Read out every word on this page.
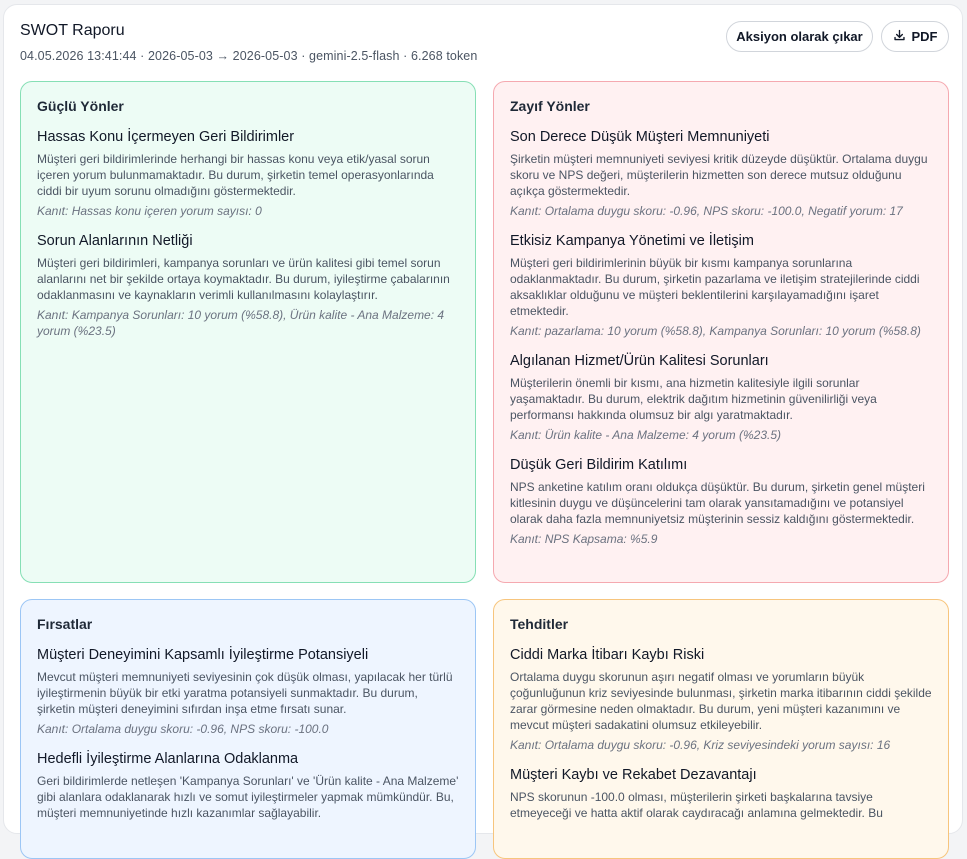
SWOT Raporu
04.05.2026 13:41:44 · 2026-05-03 → 2026-05-03 · gemini-2.5-flash · 6.268 token
Aksiyon olarak çıkar	PDF
Güçlü Yönler
Hassas Konu İçermeyen Geri Bildirimler
Müşteri geri bildirimlerinde herhangi bir hassas konu veya etik/yasal sorun içeren yorum bulunmamaktadır. Bu durum, şirketin temel operasyonlarında ciddi bir uyum sorunu olmadığını göstermektedir.
Kanıt: Hassas konu içeren yorum sayısı: 0
Sorun Alanlarının Netliği
Müşteri geri bildirimleri, kampanya sorunları ve ürün kalitesi gibi temel sorun alanlarını net bir şekilde ortaya koymaktadır. Bu durum, iyileştirme çabalarının odaklanmasını ve kaynakların verimli kullanılmasını kolaylaştırır.
Kanıt: Kampanya Sorunları: 10 yorum (%58.8), Ürün kalite - Ana Malzeme: 4 yorum (%23.5)
Zayıf Yönler
Son Derece Düşük Müşteri Memnuniyeti
Şirketin müşteri memnuniyeti seviyesi kritik düzeyde düşüktür. Ortalama duygu skoru ve NPS değeri, müşterilerin hizmetten son derece mutsuz olduğunu açıkça göstermektedir.
Kanıt: Ortalama duygu skoru: -0.96, NPS skoru: -100.0, Negatif yorum: 17
Etkisiz Kampanya Yönetimi ve İletişim
Müşteri geri bildirimlerinin büyük bir kısmı kampanya sorunlarına odaklanmaktadır. Bu durum, şirketin pazarlama ve iletişim stratejilerinde ciddi aksaklıklar olduğunu ve müşteri beklentilerini karşılayamadığını işaret etmektedir.
Kanıt: pazarlama: 10 yorum (%58.8), Kampanya Sorunları: 10 yorum (%58.8)
Algılanan Hizmet/Ürün Kalitesi Sorunları
Müşterilerin önemli bir kısmı, ana hizmetin kalitesiyle ilgili sorunlar yaşamaktadır. Bu durum, elektrik dağıtım hizmetinin güvenilirliği veya performansı hakkında olumsuz bir algı yaratmaktadır.
Kanıt: Ürün kalite - Ana Malzeme: 4 yorum (%23.5)
Düşük Geri Bildirim Katılımı
NPS anketine katılım oranı oldukça düşüktür. Bu durum, şirketin genel müşteri kitlesinin duygu ve düşüncelerini tam olarak yansıtamadığını ve potansiyel olarak daha fazla memnuniyetsiz müşterinin sessiz kaldığını göstermektedir.
Kanıt: NPS Kapsama: %5.9
Fırsatlar
Müşteri Deneyimini Kapsamlı İyileştirme Potansiyeli
Mevcut müşteri memnuniyeti seviyesinin çok düşük olması, yapılacak her türlü iyileştirmenin büyük bir etki yaratma potansiyeli sunmaktadır. Bu durum, şirketin müşteri deneyimini sıfırdan inşa etme fırsatı sunar.
Kanıt: Ortalama duygu skoru: -0.96, NPS skoru: -100.0
Hedefli İyileştirme Alanlarına Odaklanma
Geri bildirimlerde netleşen 'Kampanya Sorunları' ve 'Ürün kalite - Ana Malzeme' gibi alanlara odaklanarak hızlı ve somut iyileştirmeler yapmak mümkündür. Bu, müşteri memnuniyetinde hızlı kazanımlar sağlayabilir.
Tehditler
Ciddi Marka İtibarı Kaybı Riski
Ortalama duygu skorunun aşırı negatif olması ve yorumların büyük çoğunluğunun kriz seviyesinde bulunması, şirketin marka itibarının ciddi şekilde zarar görmesine neden olmaktadır. Bu durum, yeni müşteri kazanımını ve mevcut müşteri sadakatini olumsuz etkileyebilir.
Kanıt: Ortalama duygu skoru: -0.96, Kriz seviyesindeki yorum sayısı: 16
Müşteri Kaybı ve Rekabet Dezavantajı
NPS skorunun -100.0 olması, müşterilerin şirketi başkalarına tavsiye etmeyeceği ve hatta aktif olarak caydıracağı anlamına gelmektedir. Bu
